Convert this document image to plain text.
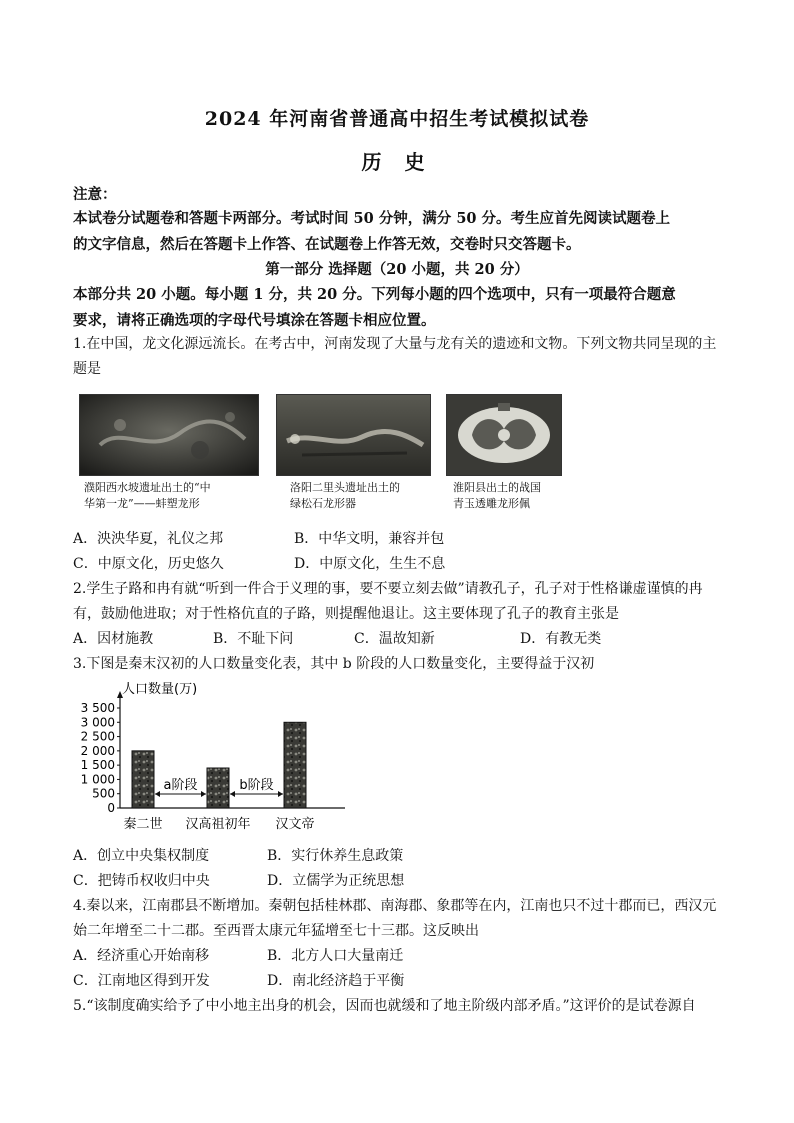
2024 年河南省普通高中招生考试模拟试卷
历 史
注意：
本试卷分试题卷和答题卡两部分。考试时间 50 分钟，满分 50 分。考生应首先阅读试题卷上
的文字信息，然后在答题卡上作答、在试题卷上作答无效，交卷时只交答题卡。
第一部分 选择题（20 小题，共 20 分）
本部分共 20 小题。每小题 1 分，共 20 分。下列每小题的四个选项中，只有一项最符合题意
要求，请将正确选项的字母代号填涂在答题卡相应位置。
1.在中国，龙文化源远流长。在考古中，河南发现了大量与龙有关的遗迹和文物。下列文物共同呈现的主
题是
濮阳西水坡遗址出土的“中
华第一龙”——蚌塑龙形
洛阳二里头遗址出土的
绿松石龙形器
淮阳县出土的战国
青玉透雕龙形佩
A．泱泱华夏，礼仪之邦	B．中华文明，兼容并包
C．中原文化，历史悠久	D．中原文化，生生不息
2.学生子路和冉有就“听到一件合于义理的事，要不要立刻去做”请教孔子，孔子对于性格谦虚谨慎的冉
有，鼓励他进取；对于性格伉直的子路，则提醒他退让。这主要体现了孔子的教育主张是
A．因材施教	B．不耻下问	C．温故知新	D．有教无类
3.下图是秦末汉初的人口数量变化表，其中 b 阶段的人口数量变化，主要得益于汉初
人口数量(万)
0
500
1 000
1 500
2 000
2 500
3 000
3 500
秦二世 汉高祖初年 汉文帝
a阶段	b阶段
A．创立中央集权制度	B．实行休养生息政策
C．把铸币权收归中央	D．立儒学为正统思想
4.秦以来，江南郡县不断增加。秦朝包括桂林郡、南海郡、象郡等在内，江南也只不过十郡而已，西汉元
始二年增至二十二郡。至西晋太康元年猛增至七十三郡。这反映出
A．经济重心开始南移	B．北方人口大量南迁
C．江南地区得到开发	D．南北经济趋于平衡
5.“该制度确实给予了中小地主出身的机会，因而也就缓和了地主阶级内部矛盾。”这评价的是试卷源自
